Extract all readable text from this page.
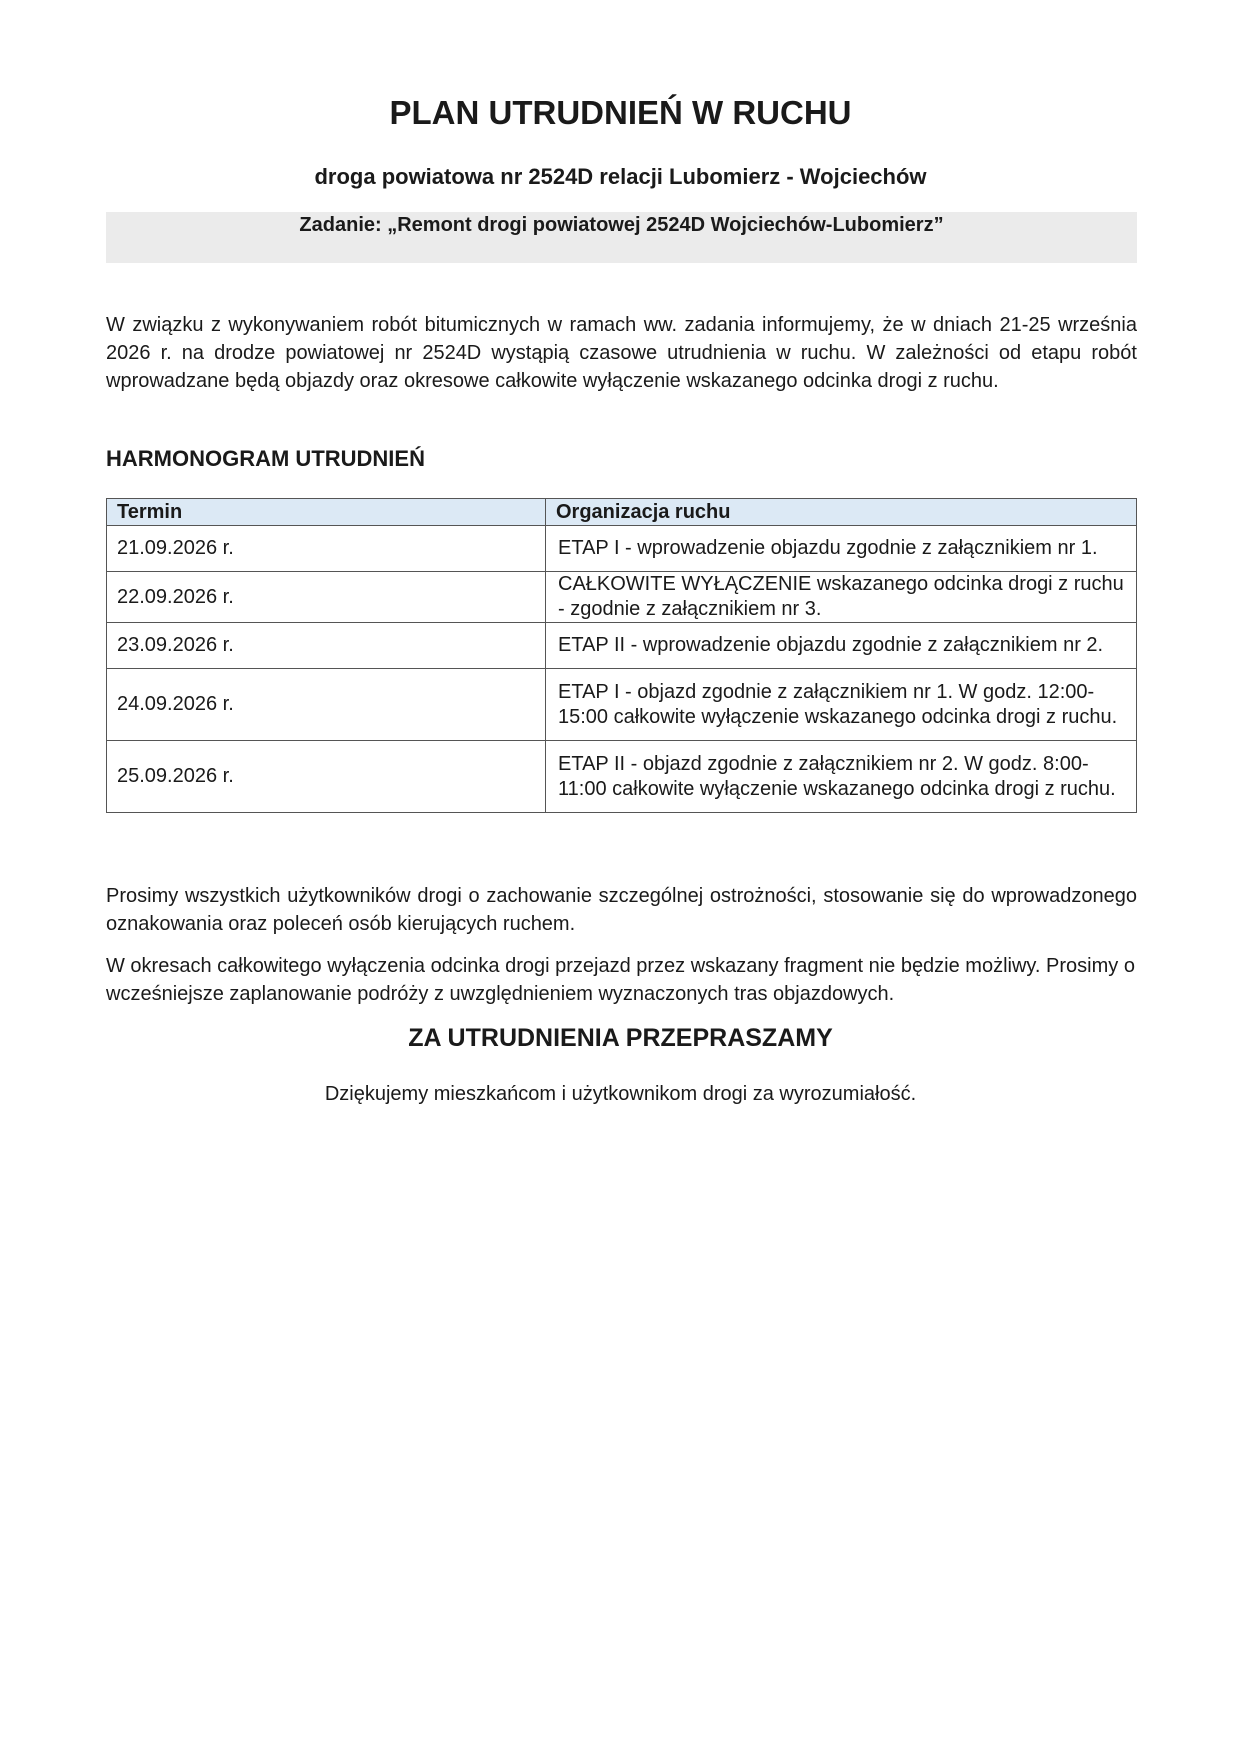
PLAN UTRUDNIEŃ W RUCHU
droga powiatowa nr 2524D relacji Lubomierz - Wojciechów

Zadanie: „Remont drogi powiatowej 2524D Wojciechów-Lubomierz”

W związku z wykonywaniem robót bitumicznych w ramach ww. zadania informujemy, że w dniach 21-25 września 2026 r. na drodze powiatowej nr 2524D wystąpią czasowe utrudnienia w ruchu. W zależności od etapu robót wprowadzane będą objazdy oraz okresowe całkowite wyłączenie wskazanego odcinka drogi z ruchu.

HARMONOGRAM UTRUDNIEŃ
Termin	Organizacja ruchu
21.09.2026 r.	ETAP I - wprowadzenie objazdu zgodnie z załącznikiem nr 1.
22.09.2026 r.	CAŁKOWITE WYŁĄCZENIE wskazanego odcinka drogi z ruchu - zgodnie z załącznikiem nr 3.
23.09.2026 r.	ETAP II - wprowadzenie objazdu zgodnie z załącznikiem nr 2.
24.09.2026 r.	ETAP I - objazd zgodnie z załącznikiem nr 1. W godz. 12:00-15:00 całkowite wyłączenie wskazanego odcinka drogi z ruchu.
25.09.2026 r.	ETAP II - objazd zgodnie z załącznikiem nr 2. W godz. 8:00-11:00 całkowite wyłączenie wskazanego odcinka drogi z ruchu.

Prosimy wszystkich użytkowników drogi o zachowanie szczególnej ostrożności, stosowanie się do wprowadzonego oznakowania oraz poleceń osób kierujących ruchem.

W okresach całkowitego wyłączenia odcinka drogi przejazd przez wskazany fragment nie będzie możliwy. Prosimy o wcześniejsze zaplanowanie podróży z uwzględnieniem wyznaczonych tras objazdowych.

ZA UTRUDNIENIA PRZEPRASZAMY

Dziękujemy mieszkańcom i użytkownikom drogi za wyrozumiałość.
